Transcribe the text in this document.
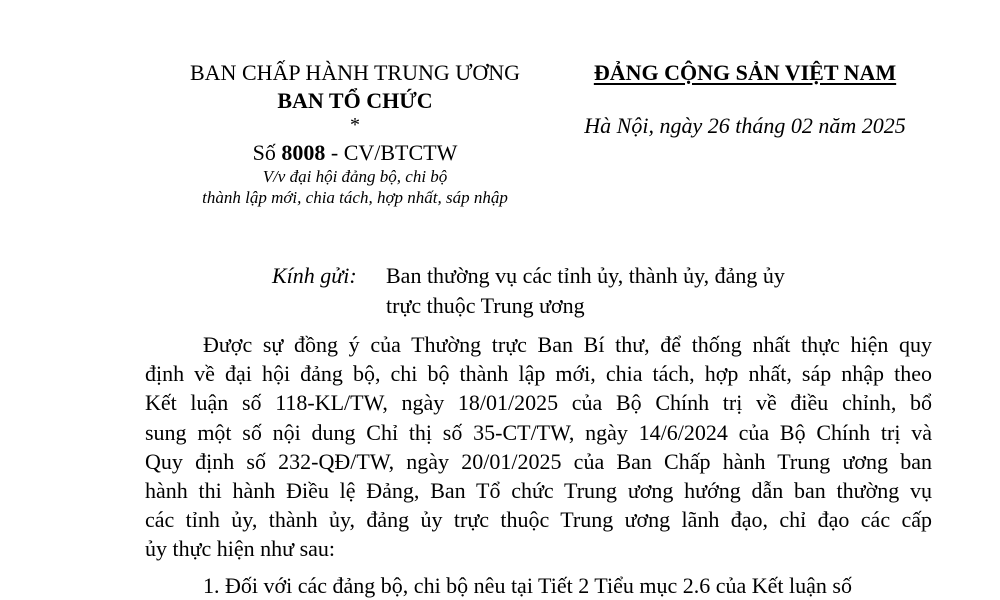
BAN CHẤP HÀNH TRUNG ƯƠNG
BAN TỔ CHỨC
*
Số 8008 - CV/BTCTW
V/v đại hội đảng bộ, chi bộ
thành lập mới, chia tách, hợp nhất, sáp nhập
ĐẢNG CỘNG SẢN VIỆT NAM
Hà Nội, ngày 26 tháng 02 năm 2025
Kính gửi: Ban thường vụ các tỉnh ủy, thành ủy, đảng ủy
trực thuộc Trung ương
Được sự đồng ý của Thường trực Ban Bí thư, để thống nhất thực hiện quy
định về đại hội đảng bộ, chi bộ thành lập mới, chia tách, hợp nhất, sáp nhập theo
Kết luận số 118-KL/TW, ngày 18/01/2025 của Bộ Chính trị về điều chỉnh, bổ
sung một số nội dung Chỉ thị số 35-CT/TW, ngày 14/6/2024 của Bộ Chính trị và
Quy định số 232-QĐ/TW, ngày 20/01/2025 của Ban Chấp hành Trung ương ban
hành thi hành Điều lệ Đảng, Ban Tổ chức Trung ương hướng dẫn ban thường vụ
các tỉnh ủy, thành ủy, đảng ủy trực thuộc Trung ương lãnh đạo, chỉ đạo các cấp
ủy thực hiện như sau:
1. Đối với các đảng bộ, chi bộ nêu tại Tiết 2 Tiểu mục 2.6 của Kết luận số
